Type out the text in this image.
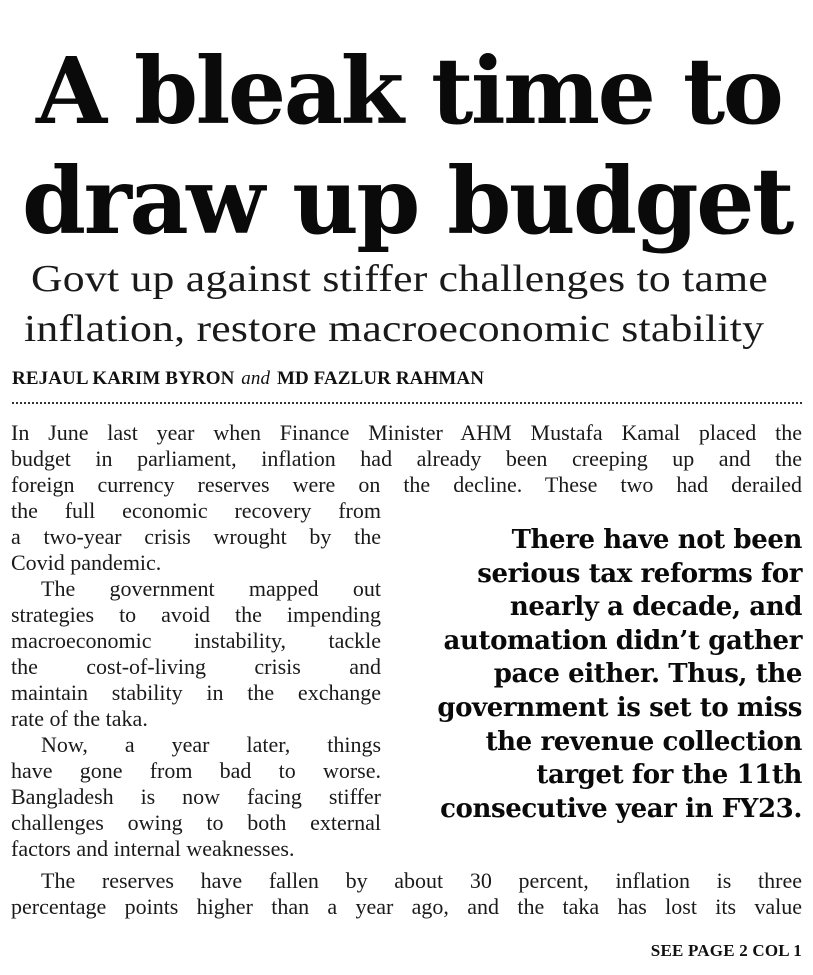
A bleak time to
draw up budget
Govt up against stiffer challenges to tame
inflation, restore macroeconomic stability
REJAUL KARIM BYRON and MD FAZLUR RAHMAN
In June last year when Finance Minister AHM Mustafa Kamal placed the
budget in parliament, inflation had already been creeping up and the
foreign currency reserves were on the decline. These two had derailed
the full economic recovery from
a two-year crisis wrought by the
Covid pandemic.
The government mapped out
strategies to avoid the impending
macroeconomic instability, tackle
the cost-of-living crisis and
maintain stability in the exchange
rate of the taka.
Now, a year later, things
have gone from bad to worse.
Bangladesh is now facing stiffer
challenges owing to both external
factors and internal weaknesses.
There have not been
serious tax reforms for
nearly a decade, and
automation didn’t gather
pace either. Thus, the
government is set to miss
the revenue collection
target for the 11th
consecutive year in FY23.
The reserves have fallen by about 30 percent, inflation is three
percentage points higher than a year ago, and the taka has lost its value
SEE PAGE 2 COL 1
